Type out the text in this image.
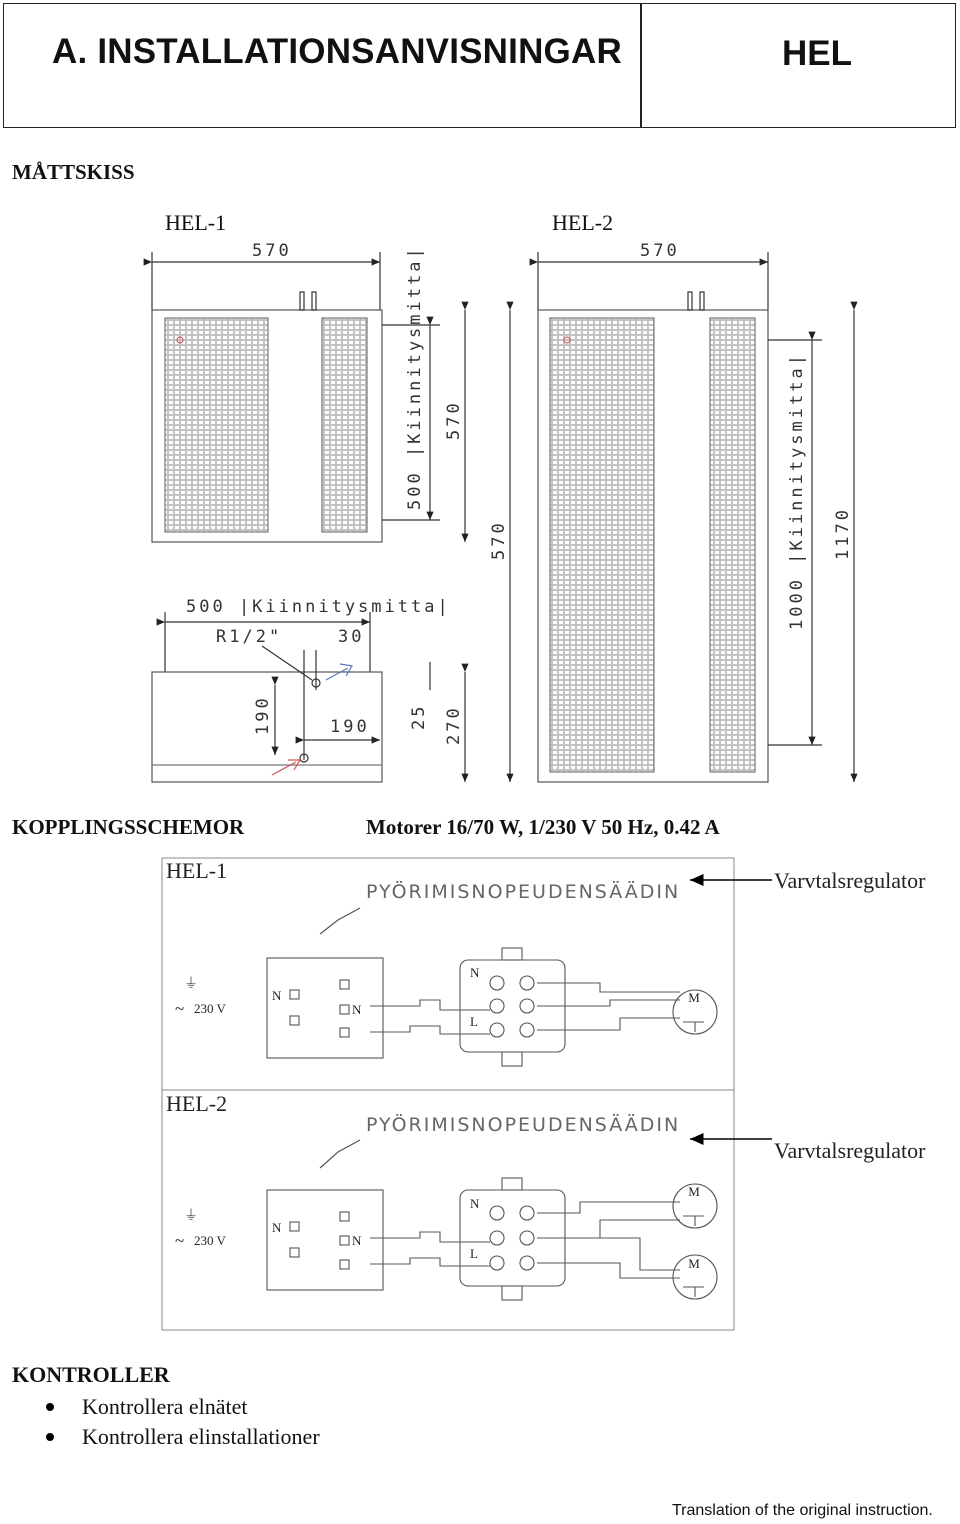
A. INSTALLATIONSANVISNINGAR	HEL
MÅTTSKISS
HEL-1	HEL-2
570	570
500 |Kiinnitysmitta| 570
570	1000 |Kiinnitysmitta| 1170
500 |Kiinnitysmitta|
R1/2"	30
190	190 25 270
KOPPLINGSSCHEMOR	Motorer 16/70 W, 1/230 V 50 Hz, 0.42 A
HEL-1
PYÖRIMISNOPEUDENSÄÄDIN	Varvtalsregulator
M
N
L
N
N
~ 230 V
⏚
HEL-2
PYÖRIMISNOPEUDENSÄÄDIN
Varvtalsregulator
M
M
N
L
N
N
~ 230 V
⏚
KONTROLLER
Kontrollera elnätet
Kontrollera elinstallationer
Translation of the original instruction.
